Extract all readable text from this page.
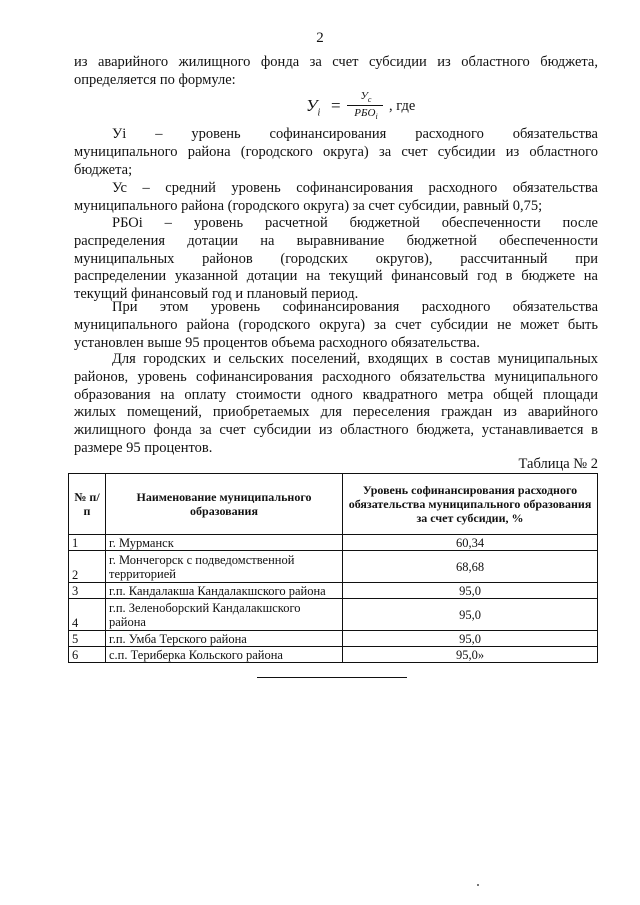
2
из аварийного жилищного фонда за счет субсидии из областного бюджета,
определяется по формуле:
$У_i$ =	$У_c$
$РБО_i$
, где
Уi – уровень софинансирования расходного обязательства
муниципального района (городского округа) за счет субсидии из областного
бюджета;
Ус – средний уровень софинансирования расходного обязательства
муниципального района (городского округа) за счет субсидии, равный 0,75;
РБОi – уровень расчетной бюджетной обеспеченности после
распределения дотации на выравнивание бюджетной обеспеченности
муниципальных районов (городских округов), рассчитанный при
распределении указанной дотации на текущий финансовый год в бюджете на
текущий финансовый год и плановый период.
При этом уровень софинансирования расходного обязательства
муниципального района (городского округа) за счет субсидии не может быть
установлен выше 95 процентов объема расходного обязательства.
Для городских и сельских поселений, входящих в состав муниципальных
районов, уровень софинансирования расходного обязательства муниципального
образования на оплату стоимости одного квадратного метра общей площади
жилых помещений, приобретаемых для переселения граждан из аварийного
жилищного фонда за счет субсидии из областного бюджета, устанавливается в
размере 95 процентов.
Таблица № 2
№ п/п	Наименование муниципального образования	Уровень софинансирования расходного обязательства муниципального образования за счет субсидии, %
1	г. Мурманск	60,34
2	г. Мончегорск с подведомственной территорией	68,68
3	г.п. Кандалакша Кандалакшского района	95,0
4	г.п. Зеленоборский Кандалакшского района	95,0
5	г.п. Умба Терского района	95,0
6	с.п. Териберка Кольского района	95,0»
